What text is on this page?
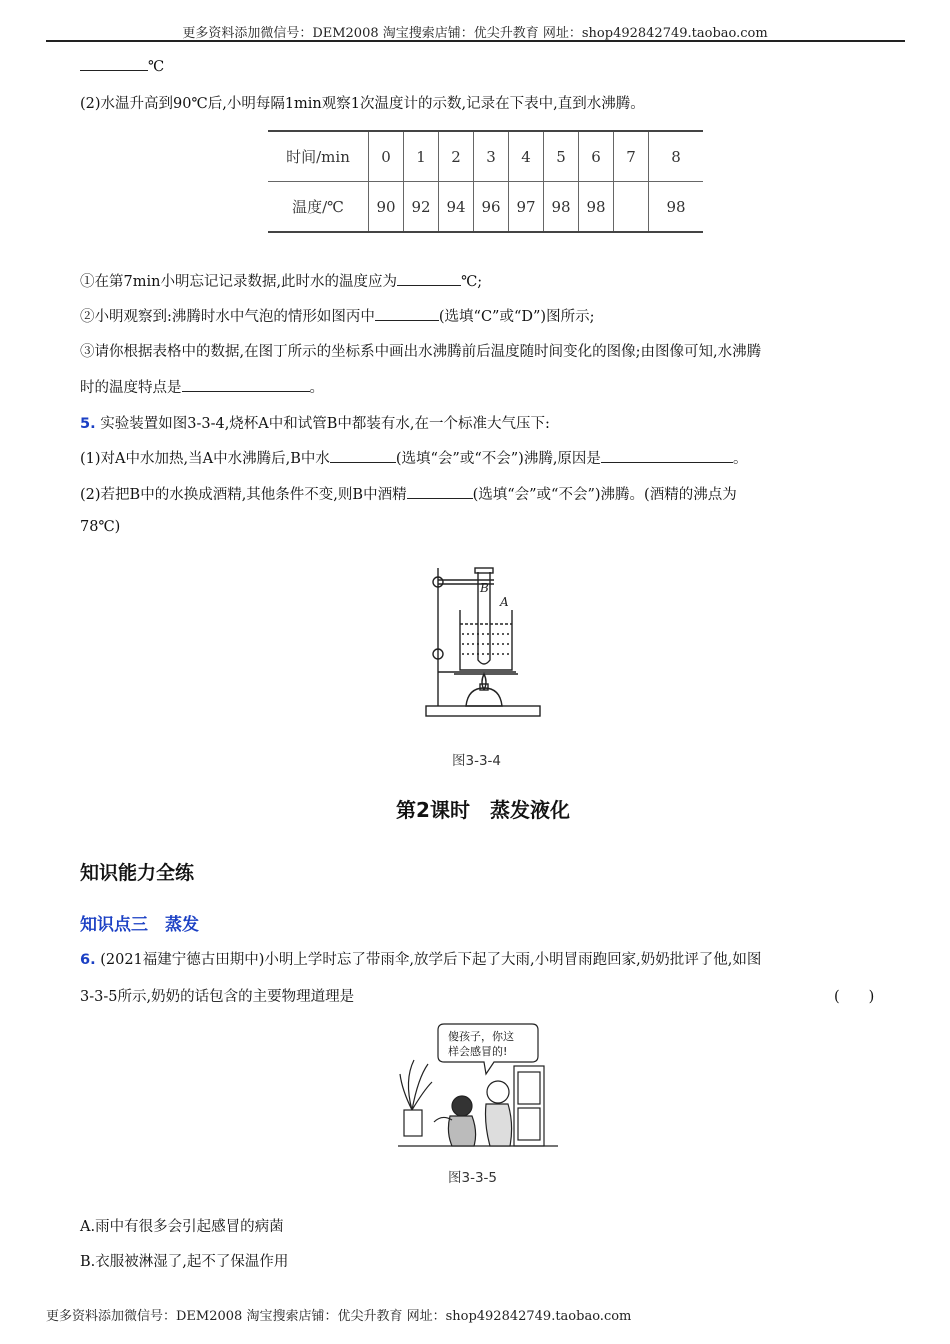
更多资料添加微信号：DEM2008 淘宝搜索店铺：优尖升教育 网址：shop492842749.taobao.com
℃
(2)水温升高到90℃后,小明每隔1min观察1次温度计的示数,记录在下表中,直到水沸腾。
时间/min	0	1	2	3	4	5	6	7	8
温度/℃	90	92	94	96	97	98	98		98
①在第7min小明忘记记录数据,此时水的温度应为	℃;
②小明观察到:沸腾时水中气泡的情形如图丙中	(选填“C”或“D”)图所示;
③请你根据表格中的数据,在图丁所示的坐标系中画出水沸腾前后温度随时间变化的图像;由图像可知,水沸腾
时的温度特点是	。
5. 实验装置如图3-3-4,烧杯A中和试管B中都装有水,在一个标准大气压下:
(1)对A中水加热,当A中水沸腾后,B中水	(选填“会”或“不会”)沸腾,原因是	。
(2)若把B中的水换成酒精,其他条件不变,则B中酒精	(选填“会”或“不会”)沸腾。(酒精的沸点为
78℃)
B
A
图3-3-4
第2课时　蒸发液化
知识能力全练
知识点三　蒸发
6. (2021福建宁德古田期中)小明上学时忘了带雨伞,放学后下起了大雨,小明冒雨跑回家,奶奶批评了他,如图
3-3-5所示,奶奶的话包含的主要物理道理是	(　　)
傻孩子，你这
样会感冒的!
图3-3-5
A.雨中有很多会引起感冒的病菌
B.衣服被淋湿了,起不了保温作用
更多资料添加微信号：DEM2008 淘宝搜索店铺：优尖升教育 网址：shop492842749.taobao.com
